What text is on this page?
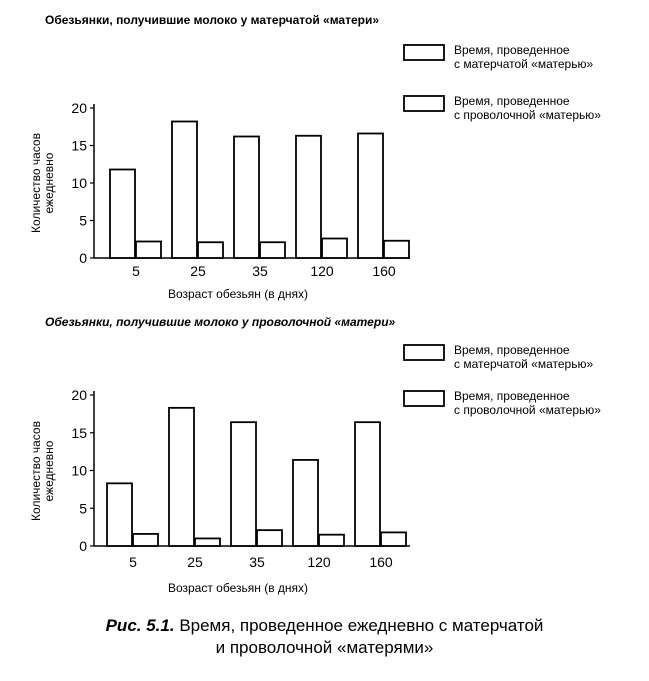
Обезьянки, получившие молоко у матерчатой «матери»
0
5
10
15
20
Количество часов ежедневно
5	25	35	120	160
Возраст обезьян (в днях)
Время, проведенное
с матерчатой «матерью»
Время, проведенное
с проволочной «матерью»
Обезьянки, получившие молоко у проволочной «матери»
0
5
10
15
20
Количество часов ежедневно
5	25	35	120	160
Возраст обезьян (в днях)
Время, проведенное
с матерчатой «матерью»
Время, проведенное
с проволочной «матерью»
Рис. 5.1. Время, проведенное ежедневно с матерчатой
и проволочной «матерями»
